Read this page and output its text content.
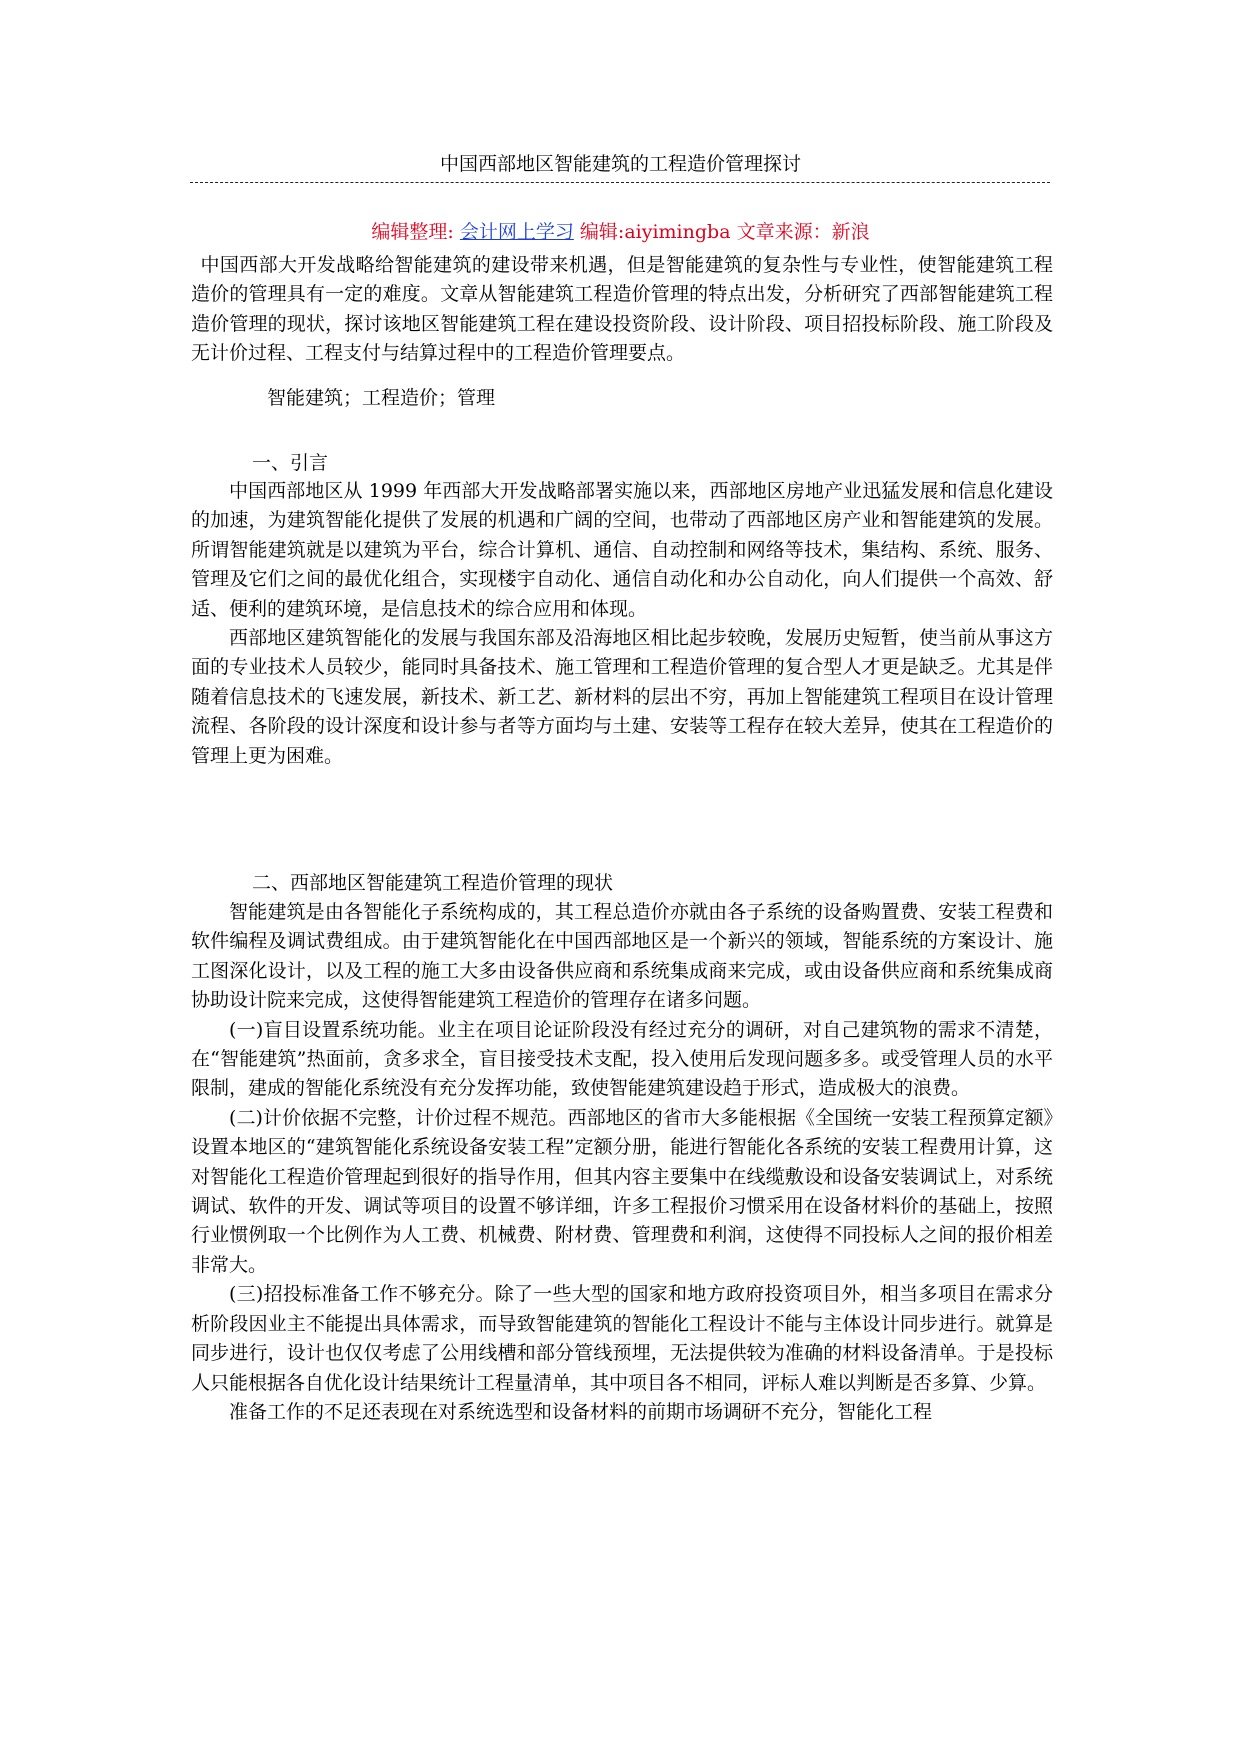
中国西部地区智能建筑的工程造价管理探讨
编辑整理: 会计网上学习 编辑:aiyimingba 文章来源：新浪

中国西部大开发战略给智能建筑的建设带来机遇，但是智能建筑的复杂性与专业性，使智能建筑工程造价的管理具有一定的难度。文章从智能建筑工程造价管理的特点出发，分析研究了西部智能建筑工程造价管理的现状，探讨该地区智能建筑工程在建设投资阶段、设计阶段、项目招投标阶段、施工阶段及无计价过程、工程支付与结算过程中的工程造价管理要点。

智能建筑；工程造价；管理
一、引言

中国西部地区从 1999 年西部大开发战略部署实施以来，西部地区房地产业迅猛发展和信息化建设的加速，为建筑智能化提供了发展的机遇和广阔的空间，也带动了西部地区房产业和智能建筑的发展。所谓智能建筑就是以建筑为平台，综合计算机、通信、自动控制和网络等技术，集结构、系统、服务、管理及它们之间的最优化组合，实现楼宇自动化、通信自动化和办公自动化，向人们提供一个高效、舒适、便利的建筑环境，是信息技术的综合应用和体现。

西部地区建筑智能化的发展与我国东部及沿海地区相比起步较晚，发展历史短暂，使当前从事这方面的专业技术人员较少，能同时具备技术、施工管理和工程造价管理的复合型人才更是缺乏。尤其是伴随着信息技术的飞速发展，新技术、新工艺、新材料的层出不穷，再加上智能建筑工程项目在设计管理流程、各阶段的设计深度和设计参与者等方面均与土建、安装等工程存在较大差异，使其在工程造价的管理上更为困难。

二、西部地区智能建筑工程造价管理的现状

智能建筑是由各智能化子系统构成的，其工程总造价亦就由各子系统的设备购置费、安装工程费和软件编程及调试费组成。由于建筑智能化在中国西部地区是一个新兴的领域，智能系统的方案设计、施工图深化设计，以及工程的施工大多由设备供应商和系统集成商来完成，或由设备供应商和系统集成商协助设计院来完成，这使得智能建筑工程造价的管理存在诸多问题。

(一)盲目设置系统功能。业主在项目论证阶段没有经过充分的调研，对自己建筑物的需求不清楚，在“智能建筑”热面前，贪多求全，盲目接受技术支配，投入使用后发现问题多多。或受管理人员的水平限制，建成的智能化系统没有充分发挥功能，致使智能建筑建设趋于形式，造成极大的浪费。

(二)计价依据不完整，计价过程不规范。西部地区的省市大多能根据《全国统一安装工程预算定额》设置本地区的“建筑智能化系统设备安装工程”定额分册，能进行智能化各系统的安装工程费用计算，这对智能化工程造价管理起到很好的指导作用，但其内容主要集中在线缆敷设和设备安装调试上，对系统调试、软件的开发、调试等项目的设置不够详细，许多工程报价习惯采用在设备材料价的基础上，按照行业惯例取一个比例作为人工费、机械费、附材费、管理费和利润，这使得不同投标人之间的报价相差非常大。

(三)招投标准备工作不够充分。除了一些大型的国家和地方政府投资项目外，相当多项目在需求分析阶段因业主不能提出具体需求，而导致智能建筑的智能化工程设计不能与主体设计同步进行。就算是同步进行，设计也仅仅考虑了公用线槽和部分管线预埋，无法提供较为准确的材料设备清单。于是投标人只能根据各自优化设计结果统计工程量清单，其中项目各不相同，评标人难以判断是否多算、少算。

准备工作的不足还表现在对系统选型和设备材料的前期市场调研不充分，智能化工程
